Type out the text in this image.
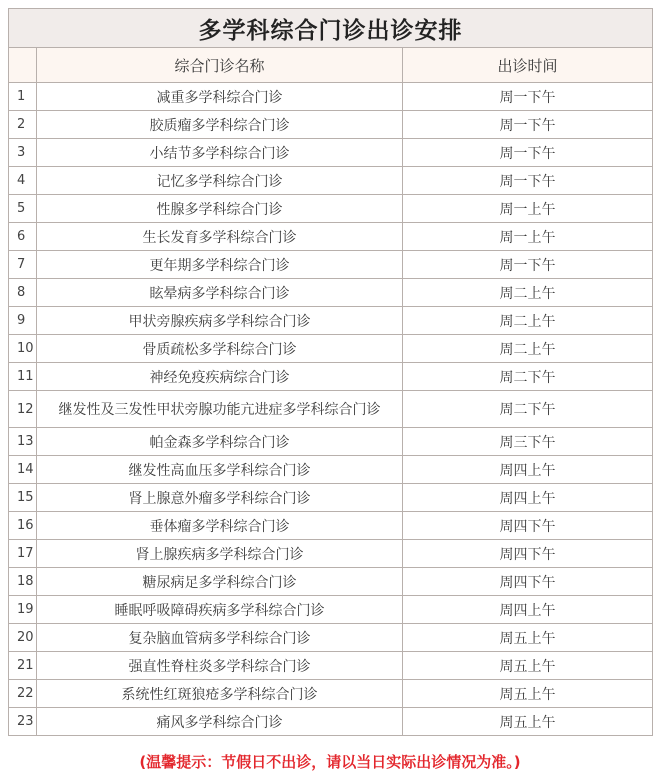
多学科综合门诊出诊安排		
	综合门诊名称	出诊时间
1	减重多学科综合门诊	周一下午
2	胶质瘤多学科综合门诊	周一下午
3	小结节多学科综合门诊	周一下午
4	记忆多学科综合门诊	周一下午
5	性腺多学科综合门诊	周一上午
6	生长发育多学科综合门诊	周一上午
7	更年期多学科综合门诊	周一下午
8	眩晕病多学科综合门诊	周二上午
9	甲状旁腺疾病多学科综合门诊	周二上午
10	骨质疏松多学科综合门诊	周二上午
11	神经免疫疾病综合门诊	周二下午
12	继发性及三发性甲状旁腺功能亢进症多学科综合门诊	周二下午
13	帕金森多学科综合门诊	周三下午
14	继发性高血压多学科综合门诊	周四上午
15	肾上腺意外瘤多学科综合门诊	周四上午
16	垂体瘤多学科综合门诊	周四下午
17	肾上腺疾病多学科综合门诊	周四下午
18	糖尿病足多学科综合门诊	周四下午
19	睡眠呼吸障碍疾病多学科综合门诊	周四上午
20	复杂脑血管病多学科综合门诊	周五上午
21	强直性脊柱炎多学科综合门诊	周五上午
22	系统性红斑狼疮多学科综合门诊	周五上午
23	痛风多学科综合门诊	周五上午
(温馨提示：节假日不出诊，请以当日实际出诊情况为准。)
